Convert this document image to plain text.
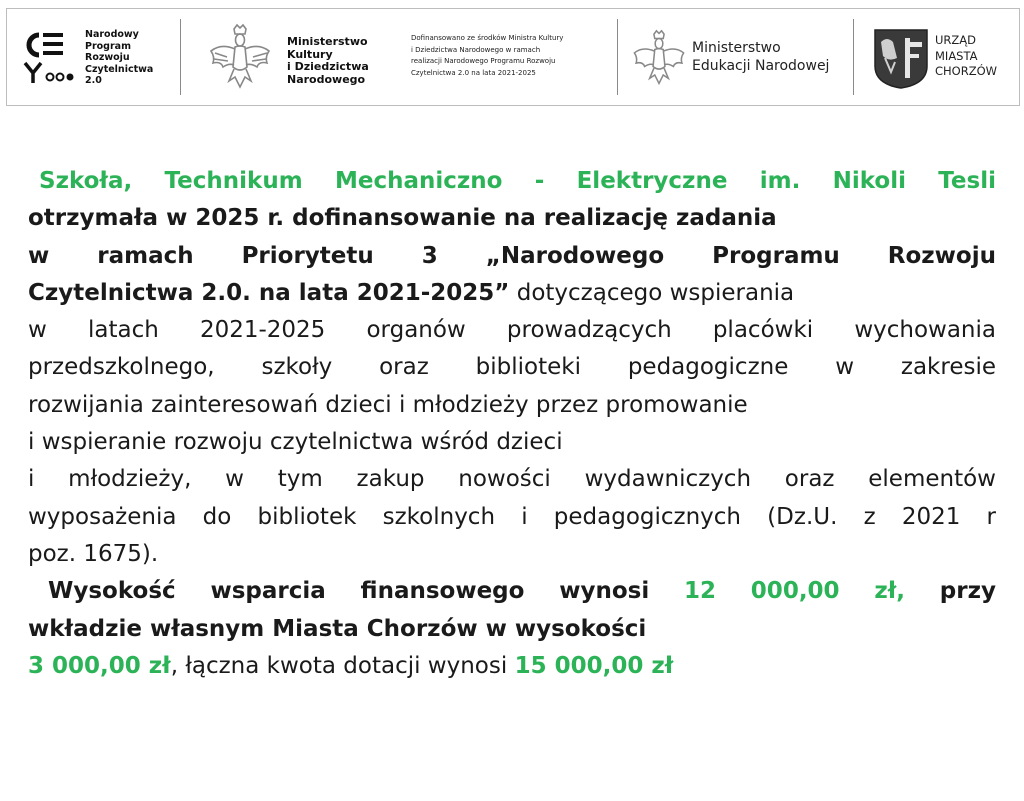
Narodowy
Program
Rozwoju
Czytelnictwa
2.0
Ministerstwo
Kultury
i Dziedzictwa
Narodowego
Dofinansowano ze środków Ministra Kultury
i Dziedzictwa Narodowego w ramach
realizacji Narodowego Programu Rozwoju
Czytelnictwa 2.0 na lata 2021-2025
Ministerstwo
Edukacji Narodowej
URZĄD
MIASTA
CHORZÓW
Szkoła, Technikum Mechaniczno - Elektryczne im. Nikoli Tesli
otrzymała w 2025 r. dofinansowanie na realizację zadania
w ramach Priorytetu 3 „Narodowego Programu Rozwoju
Czytelnictwa 2.0. na lata 2021-2025” dotyczącego wspierania
w latach 2021-2025 organów prowadzących placówki wychowania
przedszkolnego, szkoły oraz biblioteki pedagogiczne w zakresie
rozwijania zainteresowań dzieci i młodzieży przez promowanie
i wspieranie rozwoju czytelnictwa wśród dzieci
i młodzieży, w tym zakup nowości wydawniczych oraz elementów
wyposażenia do bibliotek szkolnych i pedagogicznych (Dz.U. z 2021 r
poz. 1675).
Wysokość wsparcia finansowego wynosi 12 000,00 zł, przy
wkładzie własnym Miasta Chorzów w wysokości
3 000,00 zł, łączna kwota dotacji wynosi 15 000,00 zł
